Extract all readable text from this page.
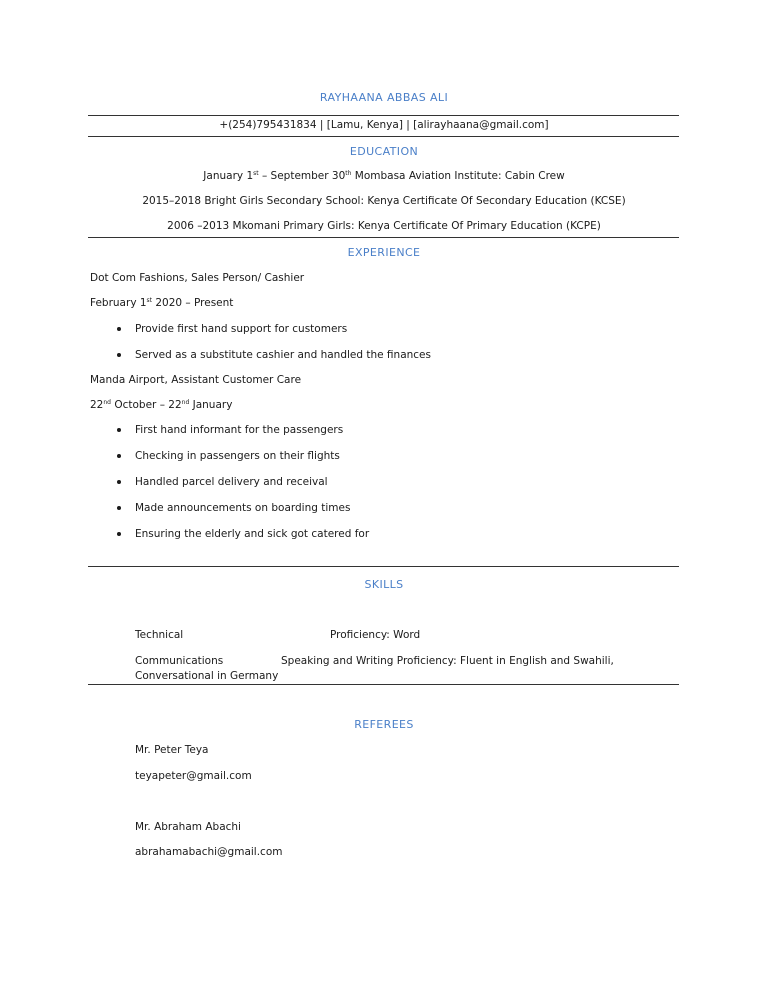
RAYHAANA ABBAS ALI
+(254)795431834 | [Lamu, Kenya] | [alirayhaana@gmail.com]
EDUCATION
January 1st – September 30th Mombasa Aviation Institute: Cabin Crew
2015–2018 Bright Girls Secondary School: Kenya Certificate Of Secondary Education (KCSE)
2006 –2013 Mkomani Primary Girls: Kenya Certificate Of Primary Education (KCPE)
EXPERIENCE
Dot Com Fashions, Sales Person/ Cashier
February 1st 2020 – Present
Provide first hand support for customers
Served as a substitute cashier and handled the finances
Manda Airport, Assistant Customer Care
22nd October – 22nd January
First hand informant for the passengers
Checking in passengers on their flights
Handled parcel delivery and receival
Made announcements on boarding times
Ensuring the elderly and sick got catered for
SKILLS
Technical	Proficiency: Word
Communications	Speaking and Writing Proficiency: Fluent in English and Swahili,
Conversational in Germany
REFEREES
Mr. Peter Teya
teyapeter@gmail.com
Mr. Abraham Abachi
abrahamabachi@gmail.com
